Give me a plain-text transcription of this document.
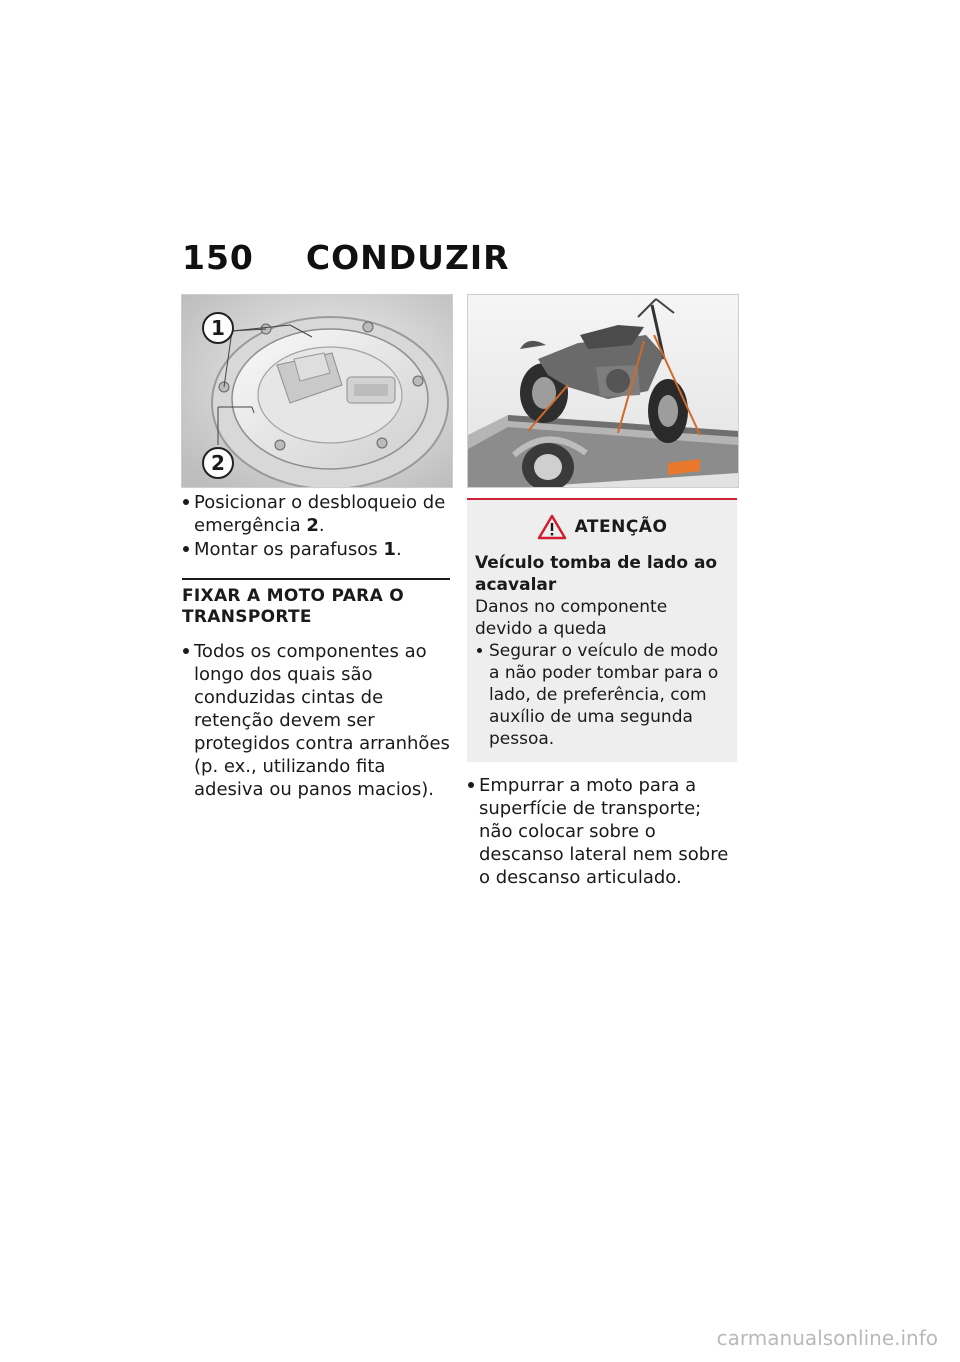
150 CONDUZIR
1
2
Posicionar o desbloqueio de emergência 2.
Montar os parafusos 1.
FIXAR A MOTO PARA O TRANSPORTE
Todos os componentes ao longo dos quais são conduzidas cintas de retenção devem ser protegidos contra arranhões (p. ex., utilizando fita adesiva ou panos macios).
ATENÇÃO
Veículo tomba de lado ao acavalar
Danos no componente devido a queda
Segurar o veículo de modo a não poder tombar para o lado, de preferência, com auxílio de uma segunda pessoa.
Empurrar a moto para a superfície de transporte; não colocar sobre o descanso lateral nem sobre o descanso articulado.
carmanualsonline.info
